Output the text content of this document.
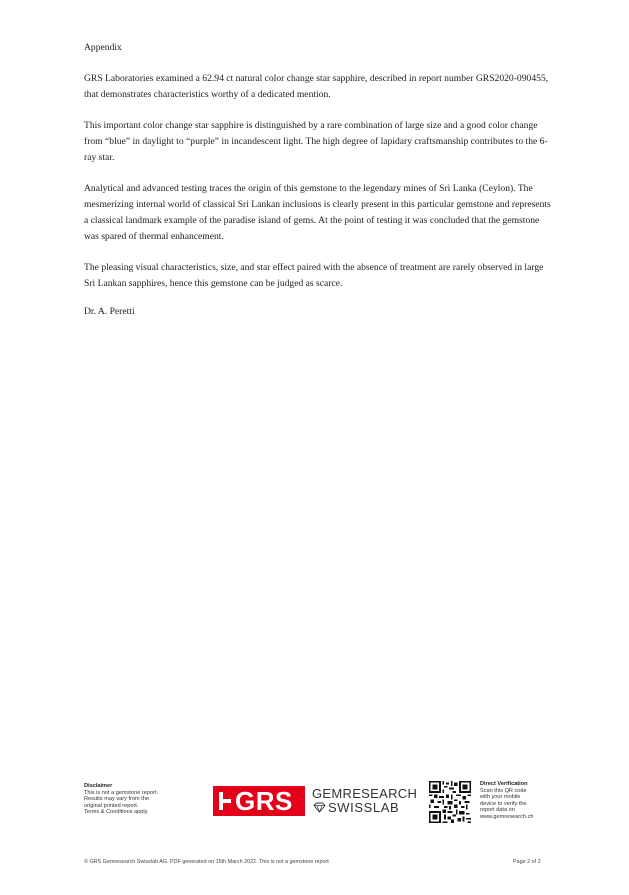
Appendix

GRS Laboratories examined a 62.94 ct natural color change star sapphire, described in report number GRS2020-090455, that demonstrates characteristics worthy of a dedicated mention.

This important color change star sapphire is distinguished by a rare combination of large size and a good color change from “blue” in daylight to “purple” in incandescent light. The high degree of lapidary craftsmanship contributes to the 6-ray star.

Analytical and advanced testing traces the origin of this gemstone to the legendary mines of Sri Lanka (Ceylon). The mesmerizing internal world of classical Sri Lankan inclusions is clearly present in this particular gemstone and represents a classical landmark example of the paradise island of gems. At the point of testing it was concluded that the gemstone was spared of thermal enhancement.

The pleasing visual characteristics, size, and star effect paired with the absence of treatment are rarely observed in large Sri Lankan sapphires, hence this gemstone can be judged as scarce.

Dr. A. Peretti
Disclaimer
This is not a gemstone report.
Results may vary from the
original printed report.
Terms & Conditions apply.	GRS GEMRESEARCH
SWISSLAB
Direct Verification
Scan this QR code
with your mobile
device to verify the
report data on
www.gemresearch.ch
© GRS Gemresearch Swisslab AG. PDF generated on 15th March 2022. This is not a gemstone report.	Page 2 of 2
